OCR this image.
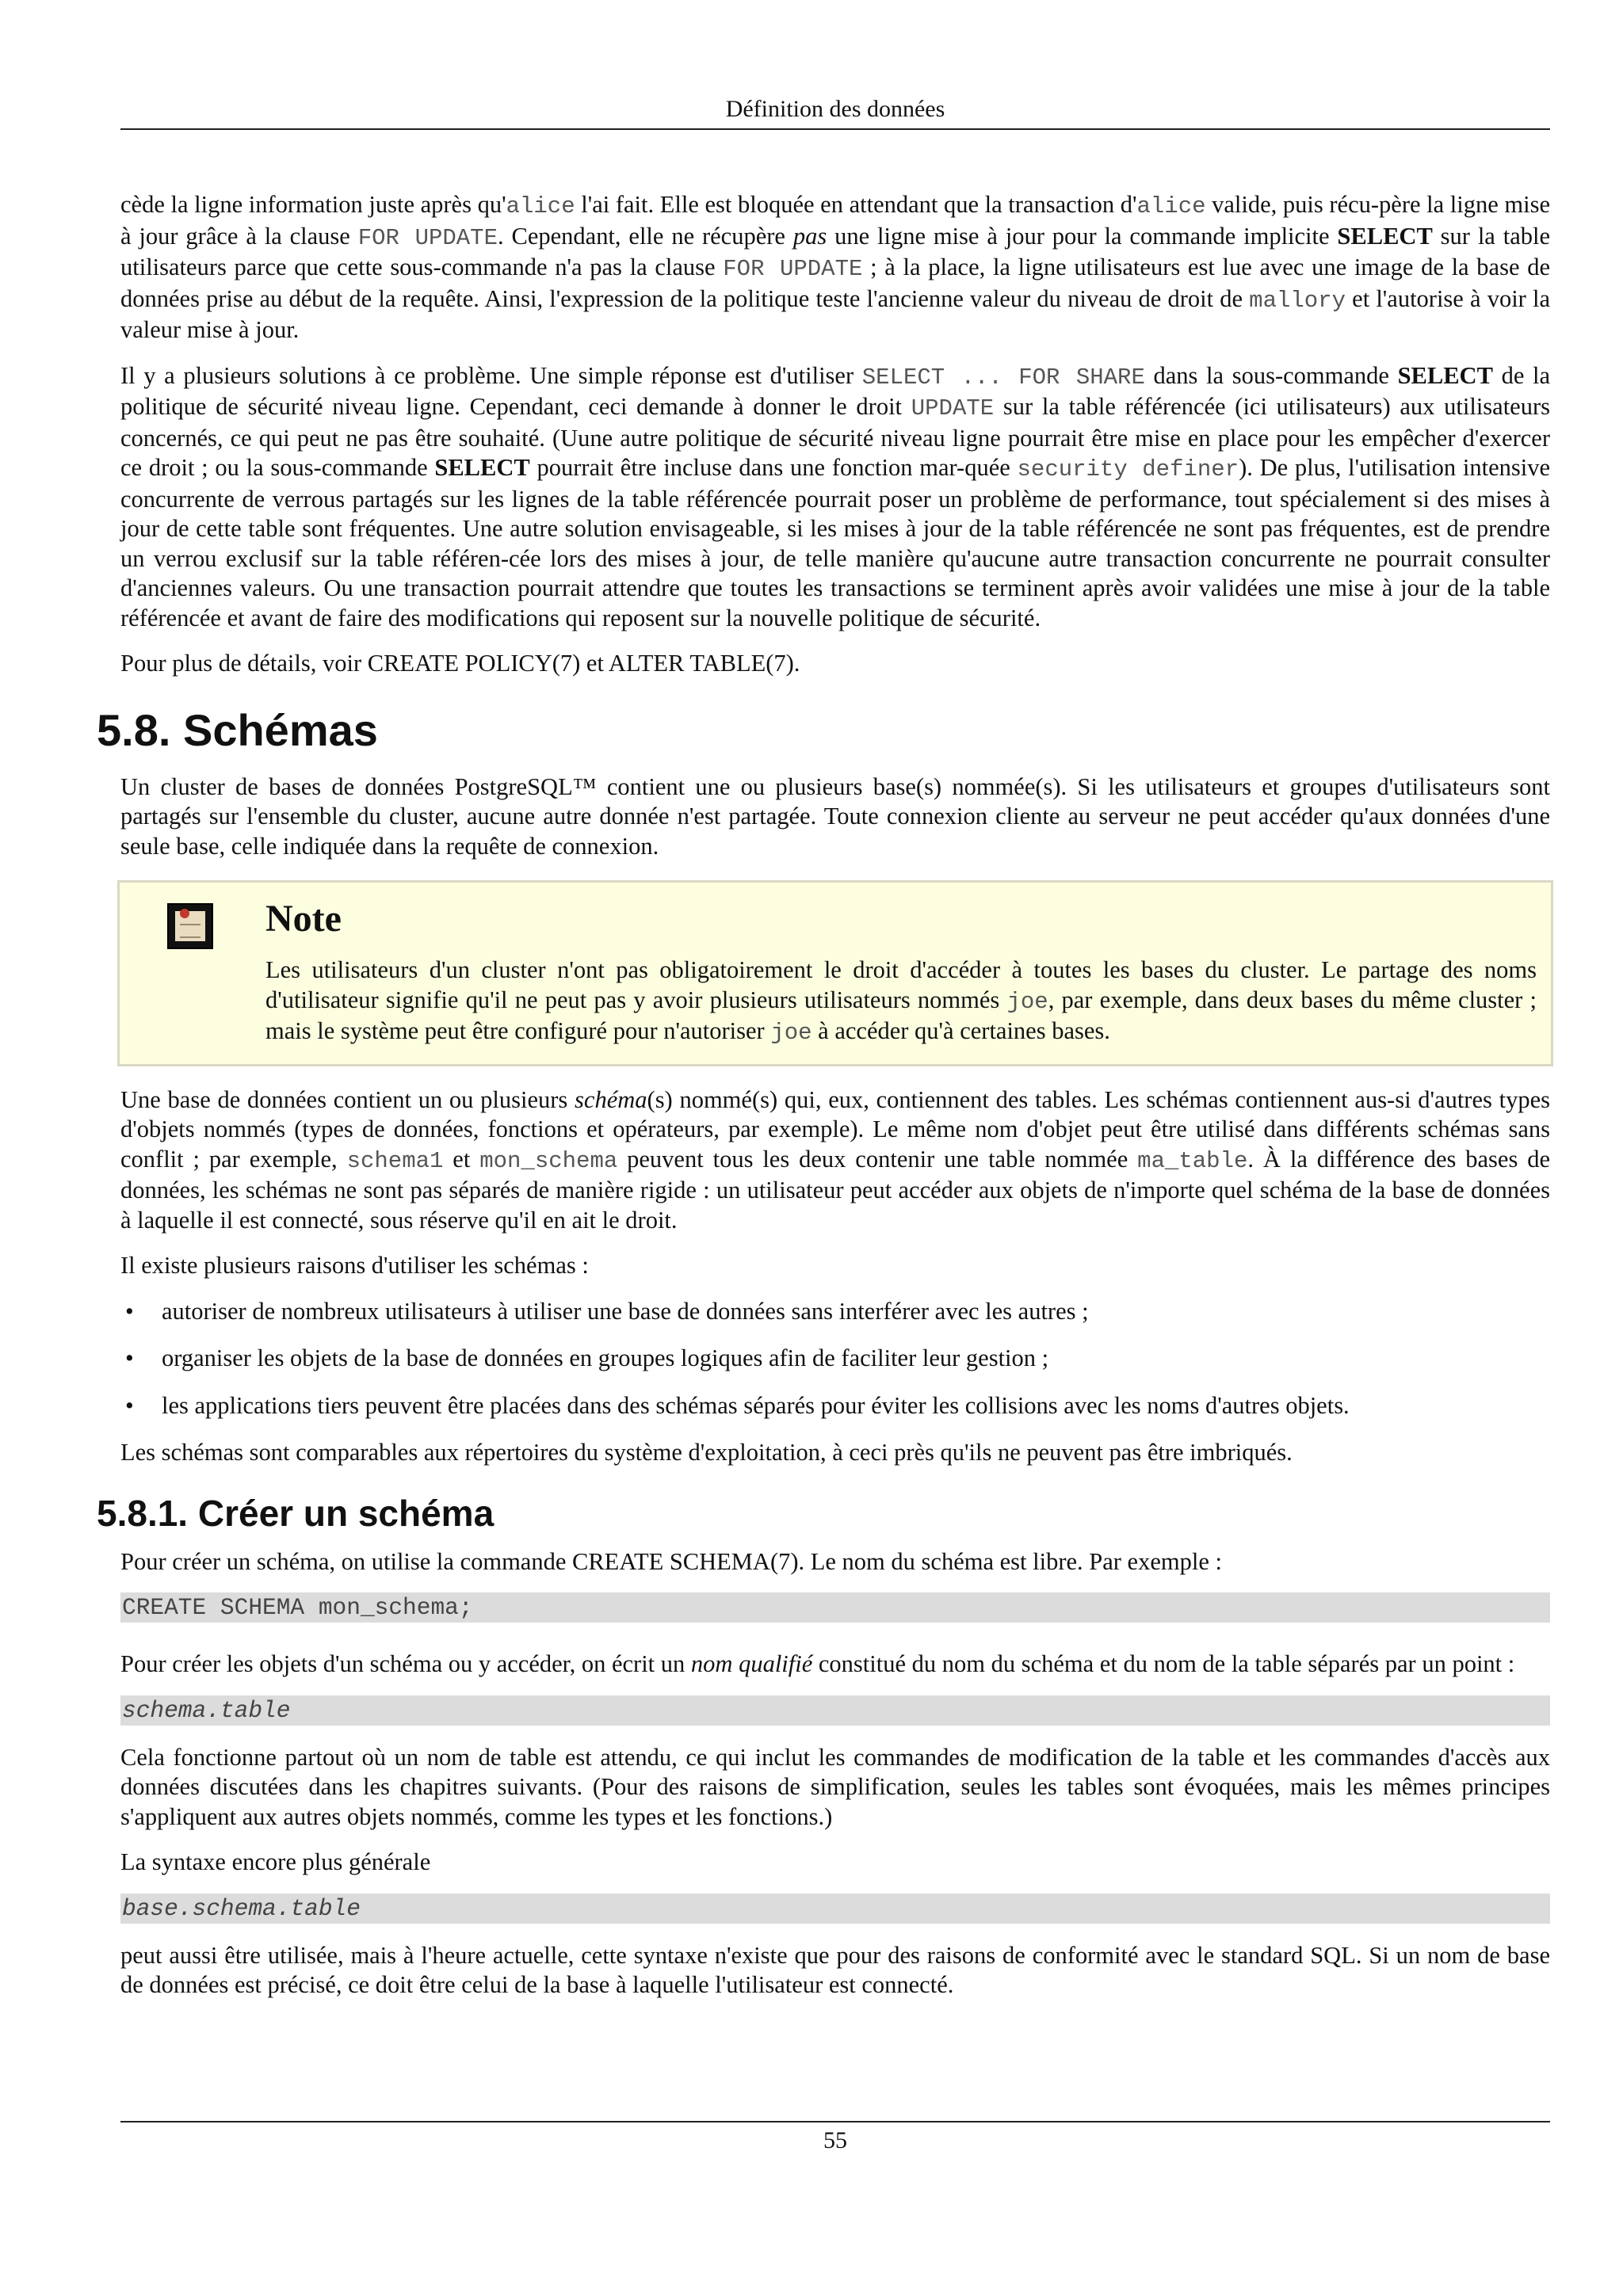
Définition des données

cède la ligne information juste après qu'alice l'ai fait. Elle est bloquée en attendant que la transaction d'alice valide, puis récu-père la ligne mise à jour grâce à la clause FOR UPDATE. Cependant, elle ne récupère pas une ligne mise à jour pour la commande implicite SELECT sur la table utilisateurs parce que cette sous-commande n'a pas la clause FOR UPDATE ; à la place, la ligne utilisateurs est lue avec une image de la base de données prise au début de la requête. Ainsi, l'expression de la politique teste l'ancienne valeur du niveau de droit de mallory et l'autorise à voir la valeur mise à jour.

Il y a plusieurs solutions à ce problème. Une simple réponse est d'utiliser SELECT ... FOR SHARE dans la sous-commande SELECT de la politique de sécurité niveau ligne. Cependant, ceci demande à donner le droit UPDATE sur la table référencée (ici utilisateurs) aux utilisateurs concernés, ce qui peut ne pas être souhaité. (Uune autre politique de sécurité niveau ligne pourrait être mise en place pour les empêcher d'exercer ce droit ; ou la sous-commande SELECT pourrait être incluse dans une fonction mar-quée security definer). De plus, l'utilisation intensive concurrente de verrous partagés sur les lignes de la table référencée pourrait poser un problème de performance, tout spécialement si des mises à jour de cette table sont fréquentes. Une autre solution envisageable, si les mises à jour de la table référencée ne sont pas fréquentes, est de prendre un verrou exclusif sur la table référen-cée lors des mises à jour, de telle manière qu'aucune autre transaction concurrente ne pourrait consulter d'anciennes valeurs. Ou une transaction pourrait attendre que toutes les transactions se terminent après avoir validées une mise à jour de la table référencée et avant de faire des modifications qui reposent sur la nouvelle politique de sécurité.

Pour plus de détails, voir CREATE POLICY(7) et ALTER TABLE(7).

5.8. Schémas

Un cluster de bases de données PostgreSQL™ contient une ou plusieurs base(s) nommée(s). Si les utilisateurs et groupes d'utilisateurs sont partagés sur l'ensemble du cluster, aucune autre donnée n'est partagée. Toute connexion cliente au serveur ne peut accéder qu'aux données d'une seule base, celle indiquée dans la requête de connexion.

Note

Les utilisateurs d'un cluster n'ont pas obligatoirement le droit d'accéder à toutes les bases du cluster. Le partage des noms d'utilisateur signifie qu'il ne peut pas y avoir plusieurs utilisateurs nommés joe, par exemple, dans deux bases du même cluster ; mais le système peut être configuré pour n'autoriser joe à accéder qu'à certaines bases.

Une base de données contient un ou plusieurs schéma(s) nommé(s) qui, eux, contiennent des tables. Les schémas contiennent aus-si d'autres types d'objets nommés (types de données, fonctions et opérateurs, par exemple). Le même nom d'objet peut être utilisé dans différents schémas sans conflit ; par exemple, schema1 et mon_schema peuvent tous les deux contenir une table nommée ma_table. À la différence des bases de données, les schémas ne sont pas séparés de manière rigide : un utilisateur peut accéder aux objets de n'importe quel schéma de la base de données à laquelle il est connecté, sous réserve qu'il en ait le droit.

Il existe plusieurs raisons d'utiliser les schémas :

• autoriser de nombreux utilisateurs à utiliser une base de données sans interférer avec les autres ;
• organiser les objets de la base de données en groupes logiques afin de faciliter leur gestion ;
• les applications tiers peuvent être placées dans des schémas séparés pour éviter les collisions avec les noms d'autres objets.

Les schémas sont comparables aux répertoires du système d'exploitation, à ceci près qu'ils ne peuvent pas être imbriqués.

5.8.1. Créer un schéma

Pour créer un schéma, on utilise la commande CREATE SCHEMA(7). Le nom du schéma est libre. Par exemple :

CREATE SCHEMA mon_schema;

Pour créer les objets d'un schéma ou y accéder, on écrit un nom qualifié constitué du nom du schéma et du nom de la table séparés par un point :

schema.table

Cela fonctionne partout où un nom de table est attendu, ce qui inclut les commandes de modification de la table et les commandes d'accès aux données discutées dans les chapitres suivants. (Pour des raisons de simplification, seules les tables sont évoquées, mais les mêmes principes s'appliquent aux autres objets nommés, comme les types et les fonctions.)

La syntaxe encore plus générale

base.schema.table

peut aussi être utilisée, mais à l'heure actuelle, cette syntaxe n'existe que pour des raisons de conformité avec le standard SQL. Si un nom de base de données est précisé, ce doit être celui de la base à laquelle l'utilisateur est connecté.

55
